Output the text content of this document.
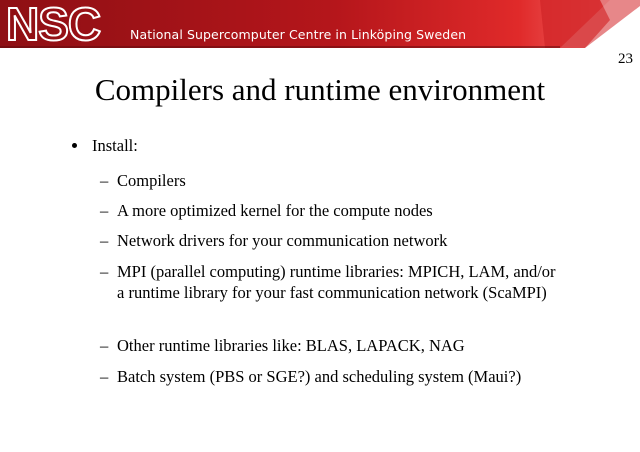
NSC National Supercomputer Centre in Linköping Sweden
23
Compilers and runtime environment
Install:
– Compilers
– A more optimized kernel for the compute nodes
– Network drivers for your communication network
– MPI (parallel computing) runtime libraries: MPICH, LAM, and/or a runtime library for your fast communication network (ScaMPI)
– Other runtime libraries like: BLAS, LAPACK, NAG
– Batch system (PBS or SGE?) and scheduling system (Maui?)
